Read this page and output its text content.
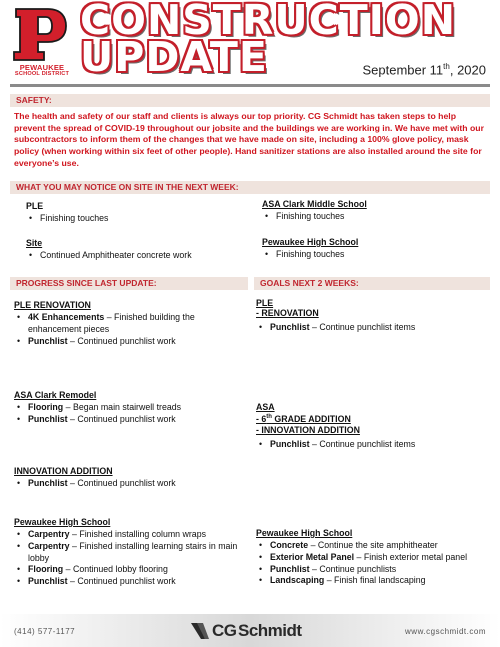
PEWAUKEE
SCHOOL DISTRICT
CONSTRUCTION
UPDATE	September 11th, 2020
SAFETY:
The health and safety of our staff and clients is always our top priority. CG Schmidt has taken steps to help prevent the spread of COVID-19 throughout our jobsite and the buildings we are working in. We have met with our subcontractors to inform them of the changes that we have made on site, including a 100% glove policy, mask policy (when working within six feet of other people). Hand sanitizer stations are also installed around the site for everyone’s use.
WHAT YOU MAY NOTICE ON SITE IN THE NEXT WEEK:
PLE
• Finishing touches
Site
• Continued Amphitheater concrete work
ASA Clark Middle School
• Finishing touches
Pewaukee High School
• Finishing touches
PROGRESS SINCE LAST UPDATE:	GOALS NEXT 2 WEEKS:
PLE RENOVATION
• 4K Enhancements – Finished building the enhancement pieces
• Punchlist – Continued punchlist work
ASA Clark Remodel
• Flooring – Began main stairwell treads
• Punchlist – Continued punchlist work
INNOVATION ADDITION
• Punchlist – Continued punchlist work
Pewaukee High School
• Carpentry – Finished installing column wraps
• Carpentry – Finished installing learning stairs in main lobby
• Flooring – Continued lobby flooring
• Punchlist – Continued punchlist work
PLE
- RENOVATION
• Punchlist – Continue punchlist items
ASA
- 6th GRADE ADDITION
- INNOVATION ADDITION
• Punchlist – Continue punchlist items
Pewaukee High School
• Concrete – Continue the site amphitheater
• Exterior Metal Panel – Finish exterior metal panel
• Punchlist – Continue punchlists
• Landscaping – Finish final landscaping
(414) 577-1177	CG Schmidt	www.cgschmidt.com
